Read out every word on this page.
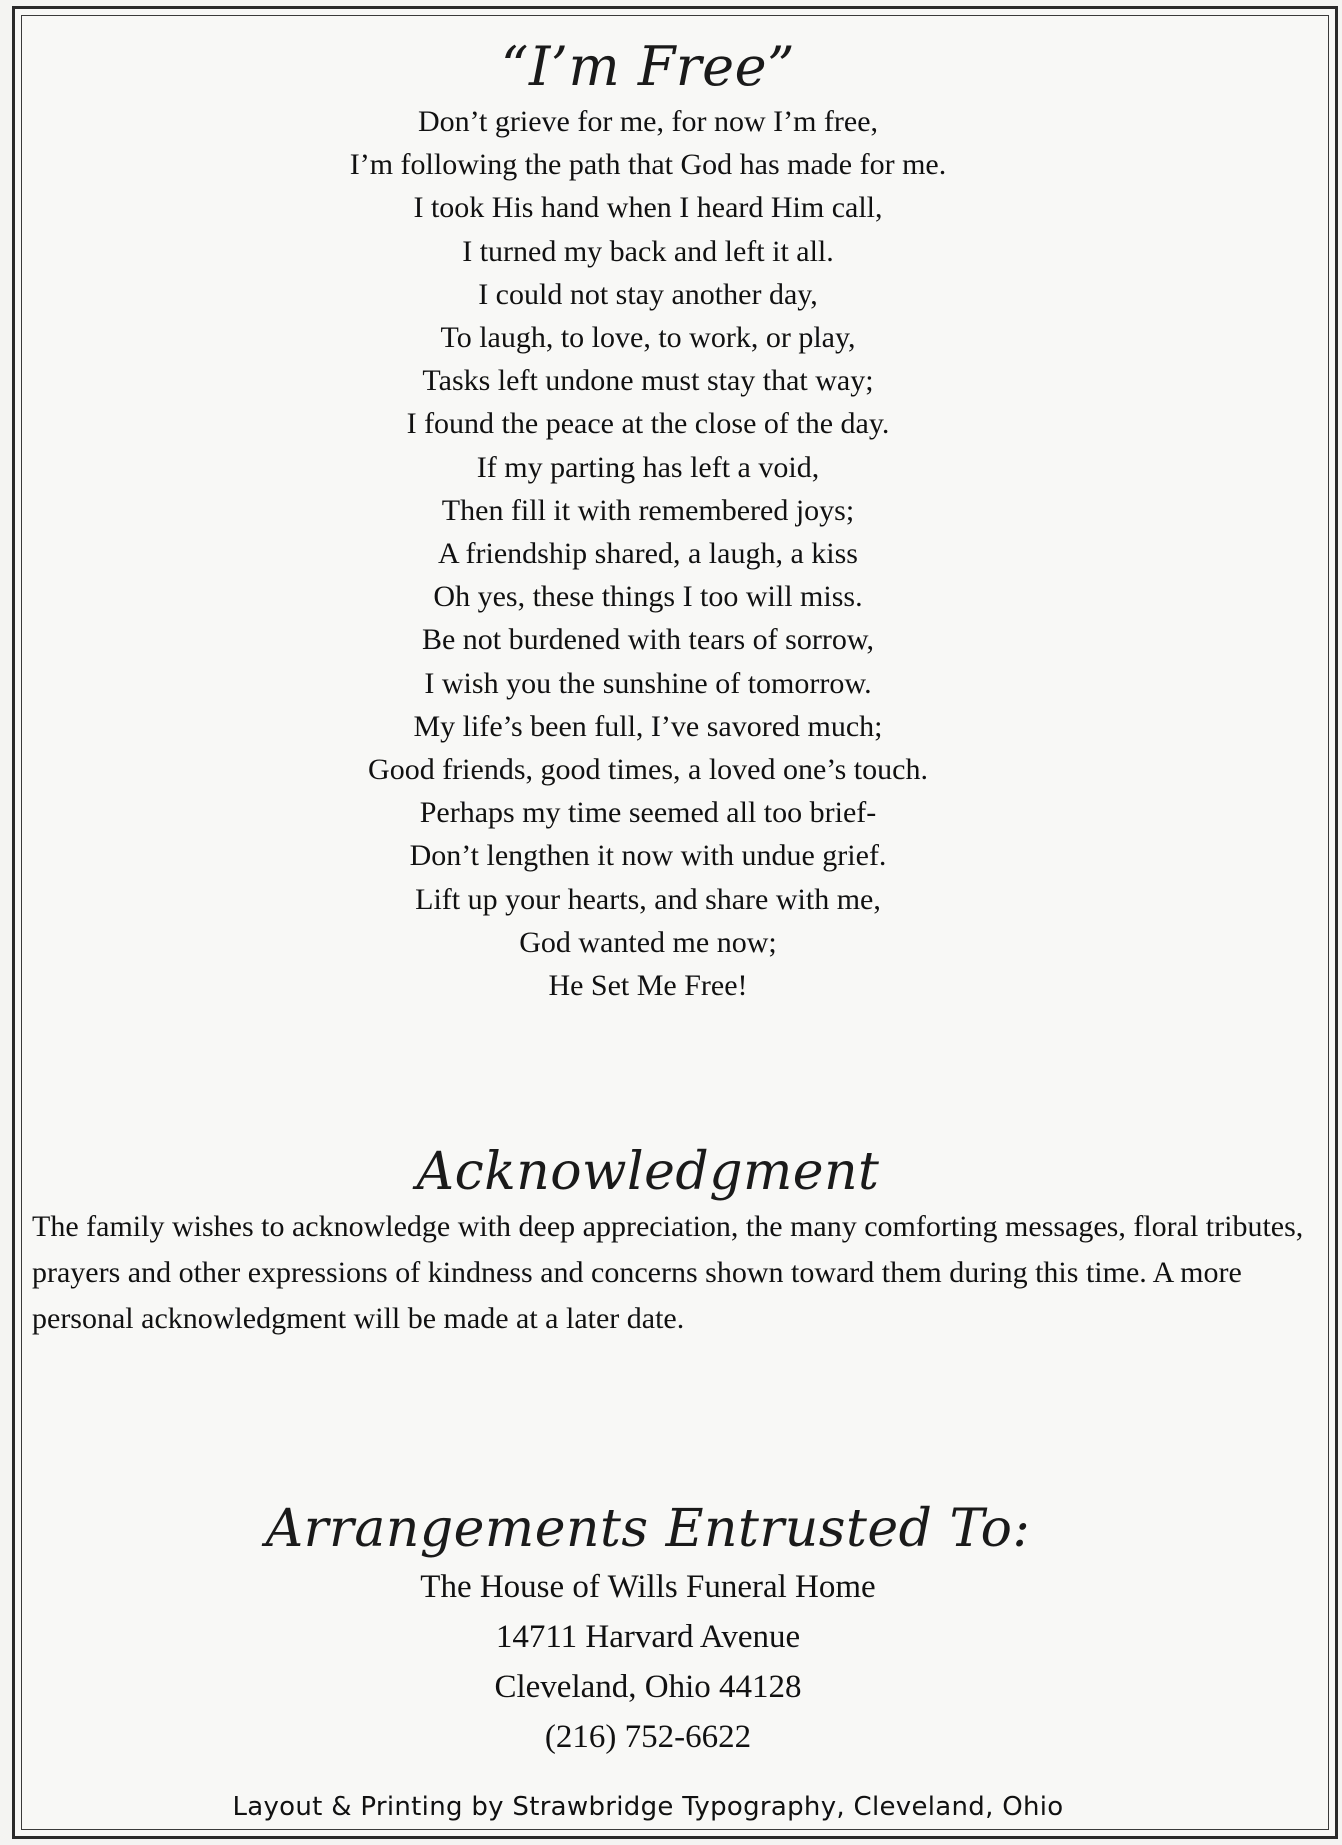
“I’m Free”
Don’t grieve for me, for now I’m free,
I’m following the path that God has made for me.
I took His hand when I heard Him call,
I turned my back and left it all.
I could not stay another day,
To laugh, to love, to work, or play,
Tasks left undone must stay that way;
I found the peace at the close of the day.
If my parting has left a void,
Then fill it with remembered joys;
A friendship shared, a laugh, a kiss
Oh yes, these things I too will miss.
Be not burdened with tears of sorrow,
I wish you the sunshine of tomorrow.
My life’s been full, I’ve savored much;
Good friends, good times, a loved one’s touch.
Perhaps my time seemed all too brief-
Don’t lengthen it now with undue grief.
Lift up your hearts, and share with me,
God wanted me now;
He Set Me Free!
Acknowledgment

The family wishes to acknowledge with deep appreciation, the many comforting messages, floral tributes, prayers and other expressions of kindness and concerns shown toward them during this time. A more personal acknowledgment will be made at a later date.

Arrangements Entrusted To:
The House of Wills Funeral Home
14711 Harvard Avenue
Cleveland, Ohio 44128
(216) 752-6622

Layout & Printing by Strawbridge Typography, Cleveland, Ohio
